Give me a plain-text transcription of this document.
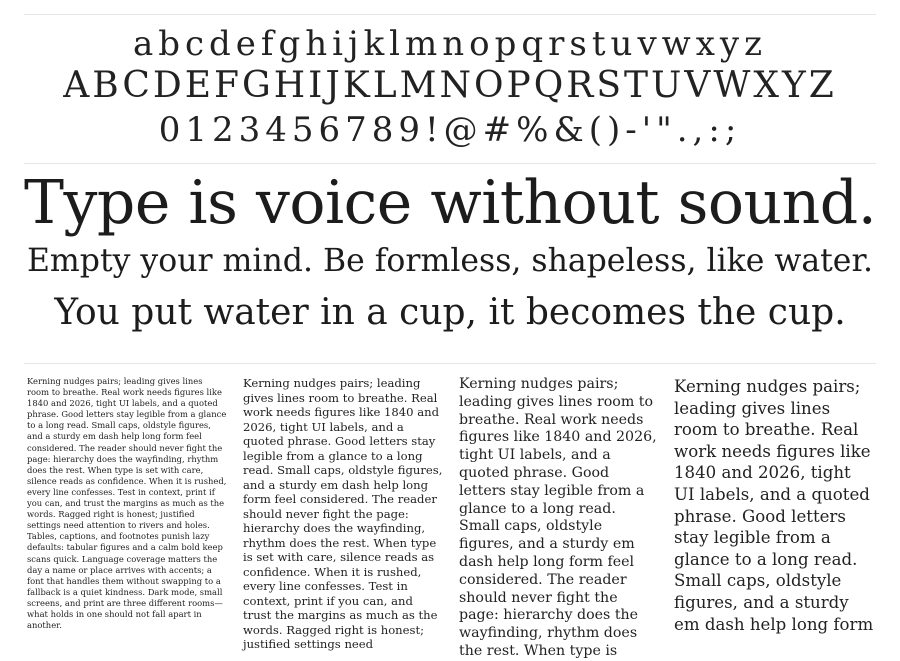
abcdefghijklmnopqrstuvwxyz
ABCDEFGHIJKLMNOPQRSTUVWXYZ
0123456789!@#%&()-'".,:;
Type is voice without sound.
Empty your mind. Be formless, shapeless, like water.
You put water in a cup, it becomes the cup.
Kerning nudges pairs; leading gives lines room to breathe. Real work needs figures like 1840 and 2026, tight UI labels, and a quoted phrase. Good letters stay legible from a glance to a long read. Small caps, oldstyle figures, and a sturdy em dash help long form feel considered. The reader should never fight the page: hierarchy does the wayfinding, rhythm does the rest. When type is set with care, silence reads as confidence. When it is rushed, every line confesses. Test in context, print if you can, and trust the margins as much as the words. Ragged right is honest; justified settings need attention to rivers and holes. Tables, captions, and footnotes punish lazy defaults: tabular figures and a calm bold keep scans quick. Language coverage matters the day a name or place arrives with accents; a font that handles them without swapping to a fallback is a quiet kindness. Dark mode, small screens, and print are three different rooms—what holds in one should not fall apart in another.
Kerning nudges pairs; leading gives lines room to breathe. Real work needs figures like 1840 and 2026, tight UI labels, and a quoted phrase. Good letters stay legible from a glance to a long read. Small caps, oldstyle figures, and a sturdy em dash help long form feel considered. The reader should never fight the page: hierarchy does the wayfinding, rhythm does the rest. When type is set with care, silence reads as confidence. When it is rushed, every line confesses. Test in context, print if you can, and trust the margins as much as the words. Ragged right is honest; justified settings need
Kerning nudges pairs; leading gives lines room to breathe. Real work needs figures like 1840 and 2026, tight UI labels, and a quoted phrase. Good letters stay legible from a glance to a long read. Small caps, oldstyle figures, and a sturdy em dash help long form feel considered. The reader should never fight the page: hierarchy does the wayfinding, rhythm does the rest. When type is
Kerning nudges pairs; leading gives lines room to breathe. Real work needs figures like 1840 and 2026, tight UI labels, and a quoted phrase. Good letters stay legible from a glance to a long read. Small caps, oldstyle figures, and a sturdy em dash help long form
